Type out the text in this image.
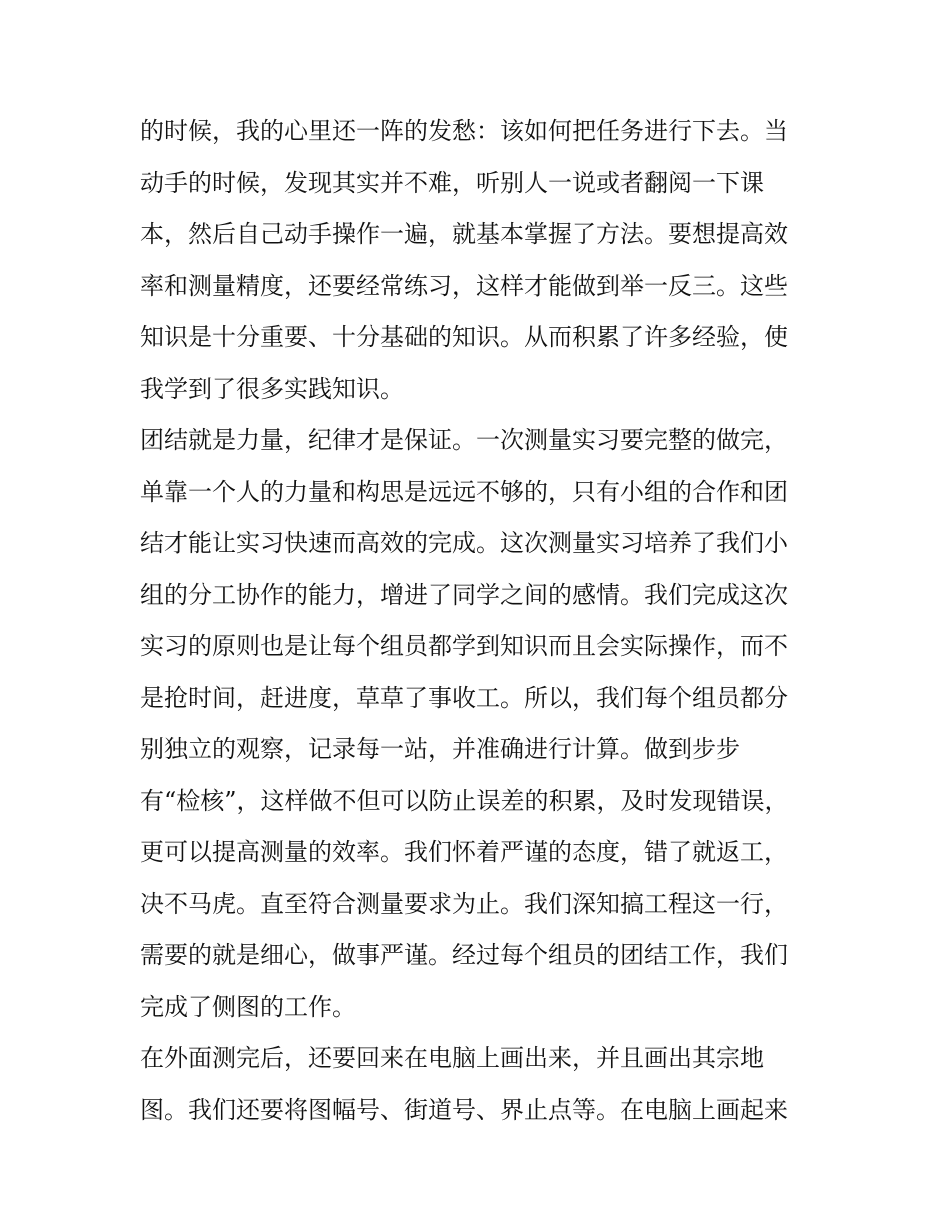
的时候，我的心里还一阵的发愁：该如何把任务进行下去。当
动手的时候，发现其实并不难，听别人一说或者翻阅一下课
本，然后自己动手操作一遍，就基本掌握了方法。要想提高效
率和测量精度，还要经常练习，这样才能做到举一反三。这些
知识是十分重要、十分基础的知识。从而积累了许多经验，使
我学到了很多实践知识。
团结就是力量，纪律才是保证。一次测量实习要完整的做完，
单靠一个人的力量和构思是远远不够的，只有小组的合作和团
结才能让实习快速而高效的完成。这次测量实习培养了我们小
组的分工协作的能力，增进了同学之间的感情。我们完成这次
实习的原则也是让每个组员都学到知识而且会实际操作，而不
是抢时间，赶进度，草草了事收工。所以，我们每个组员都分
别独立的观察，记录每一站，并准确进行计算。做到步步
有“检核”，这样做不但可以防止误差的积累，及时发现错误，
更可以提高测量的效率。我们怀着严谨的态度，错了就返工，
决不马虎。直至符合测量要求为止。我们深知搞工程这一行，
需要的就是细心，做事严谨。经过每个组员的团结工作，我们
完成了侧图的工作。
在外面测完后，还要回来在电脑上画出来，并且画出其宗地
图。我们还要将图幅号、街道号、界止点等。在电脑上画起来
